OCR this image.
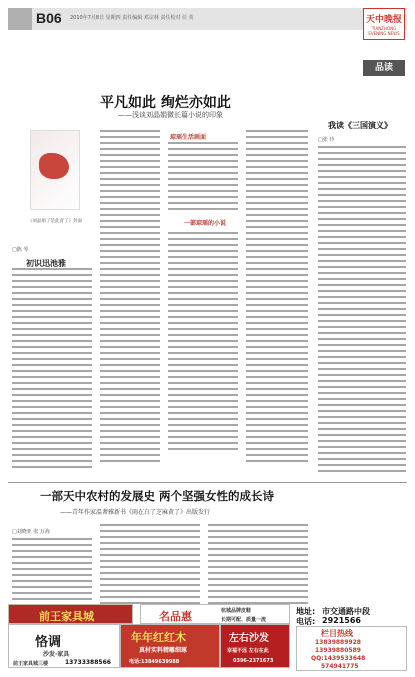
B06 2010年7月8日 星期四 责任编辑 邓宗林 责任校对 任 英	天中晚报
TIANZHONG EVENING NEWS
品读
平凡如此 绚烂亦如此
——浅谈刘晶娟微长篇小说的印象
琼瑶生活画面
《刘晶娟了是此青了》封面
□陈 琴
初识迅池雅
一部琼瑶的小说
我读《三国演义》
□张 玲
一部天中农村的发展史 两个坚强女性的成长诗
——青年作家温奢雅新书《雨在白了芝麻黄了》出版发行
□刘晓亚 张 万海
前王家具城
恪调
沙发·家具
前王家具城三楼	13733388566
年年红红木
真材实料精雕细琢
电话:13849639988
名品惠	杭城品牌皮鞋
长期可配、质量一流
左右沙发
幸福不远 左右在此
0396-2371673
地址: 市交通路中段
电话: 2921566
栏目热线
13839889928
13939880589
QQ:1439533648
574941775
